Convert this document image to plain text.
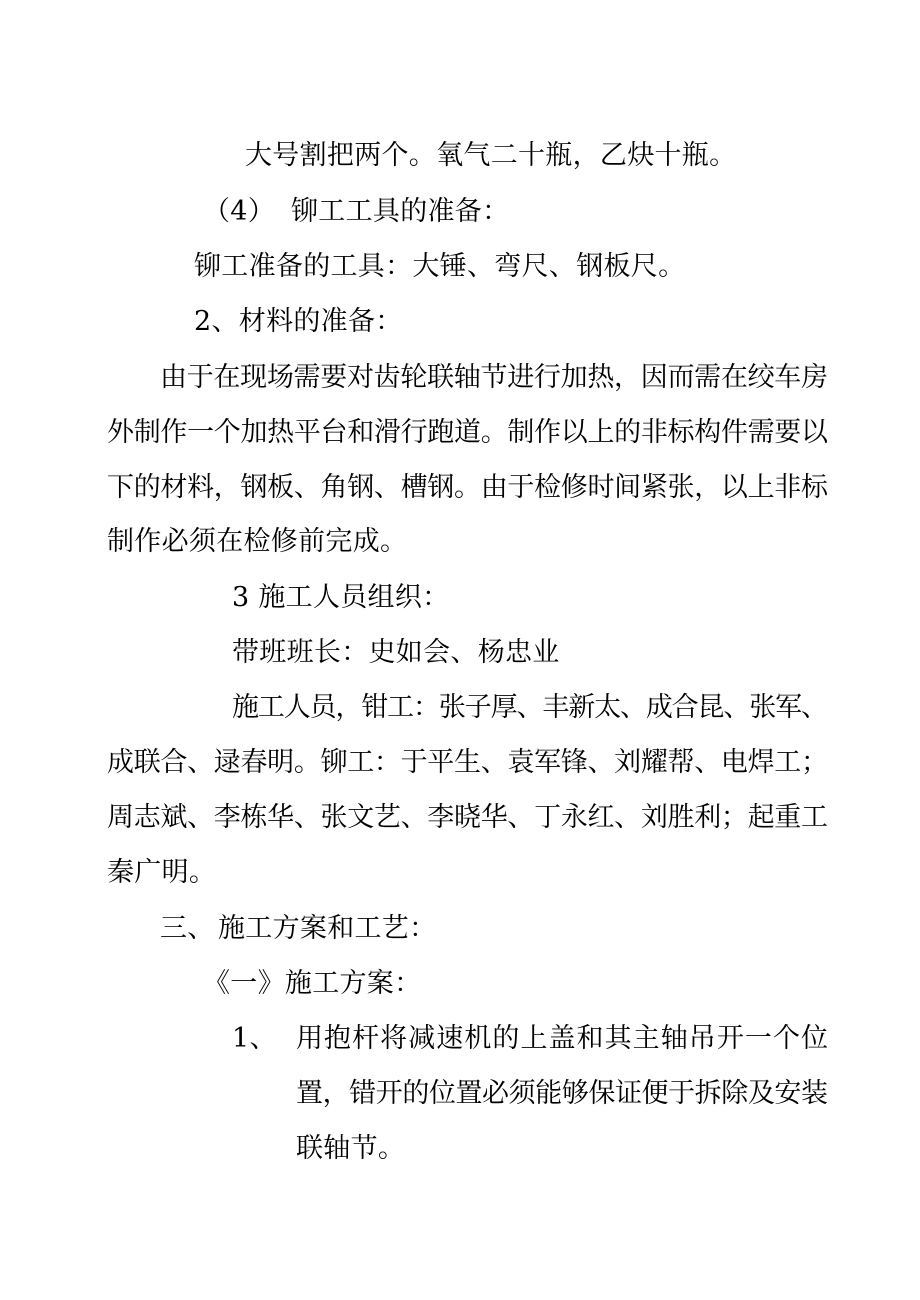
大号割把两个。氧气二十瓶，乙炔十瓶。
（4） 铆工工具的准备：
铆工准备的工具：大锤、弯尺、钢板尺。
2、材料的准备：
由于在现场需要对齿轮联轴节进行加热，因而需在绞车房
外制作一个加热平台和滑行跑道。制作以上的非标构件需要以
下的材料，钢板、角钢、槽钢。由于检修时间紧张，以上非标
制作必须在检修前完成。
3 施工人员组织：
带班班长：史如会、杨忠业
施工人员，钳工：张子厚、丰新太、成合昆、张军、
成联合、逯春明。铆工：于平生、袁军锋、刘耀帮、电焊工；
周志斌、李栋华、张文艺、李晓华、丁永红、刘胜利；起重工
秦广明。
三、 施工方案和工艺：
《一》施工方案：
1、 用抱杆将减速机的上盖和其主轴吊开一个位
置，错开的位置必须能够保证便于拆除及安装
联轴节。
